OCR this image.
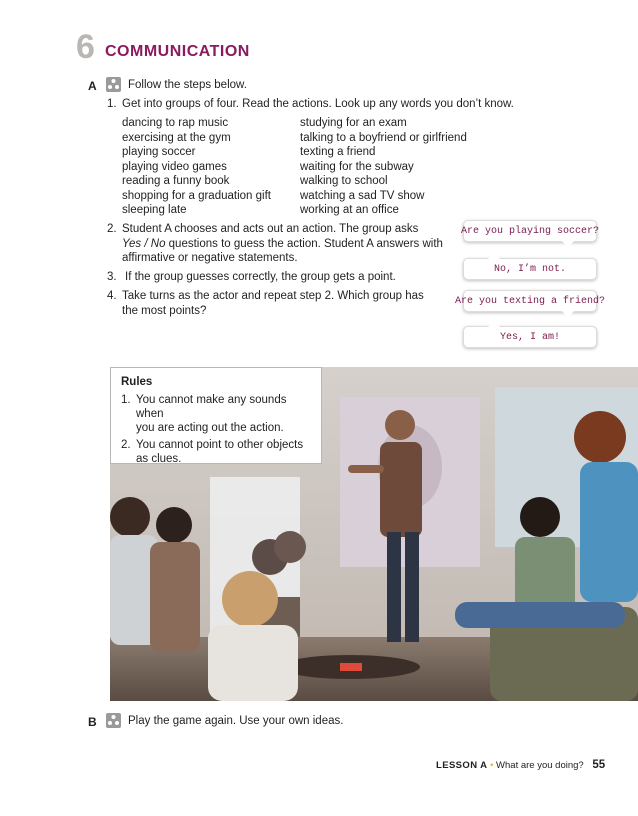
6 COMMUNICATION
A	Follow the steps below.
1. Get into groups of four. Read the actions. Look up any words you don’t know.
dancing to rap music
exercising at the gym
playing soccer
playing video games
reading a funny book
shopping for a graduation gift
sleeping late
studying for an exam
talking to a boyfriend or girlfriend
texting a friend
waiting for the subway
walking to school
watching a sad TV show
working at an office
2. Student A chooses and acts out an action. The group asks
Yes / No questions to guess the action. Student A answers with
affirmative or negative statements.
3. If the group guesses correctly, the group gets a point.
4. Take turns as the actor and repeat step 2. Which group has
the most points?
Are you playing soccer?
No, I’m not.
Are you texting a friend?
Yes, I am!
Rules
1. You cannot make any sounds when
you are acting out the action.
2. You cannot point to other objects
as clues.
B	Play the game again. Use your own ideas.
LESSON A • What are you doing? 55
